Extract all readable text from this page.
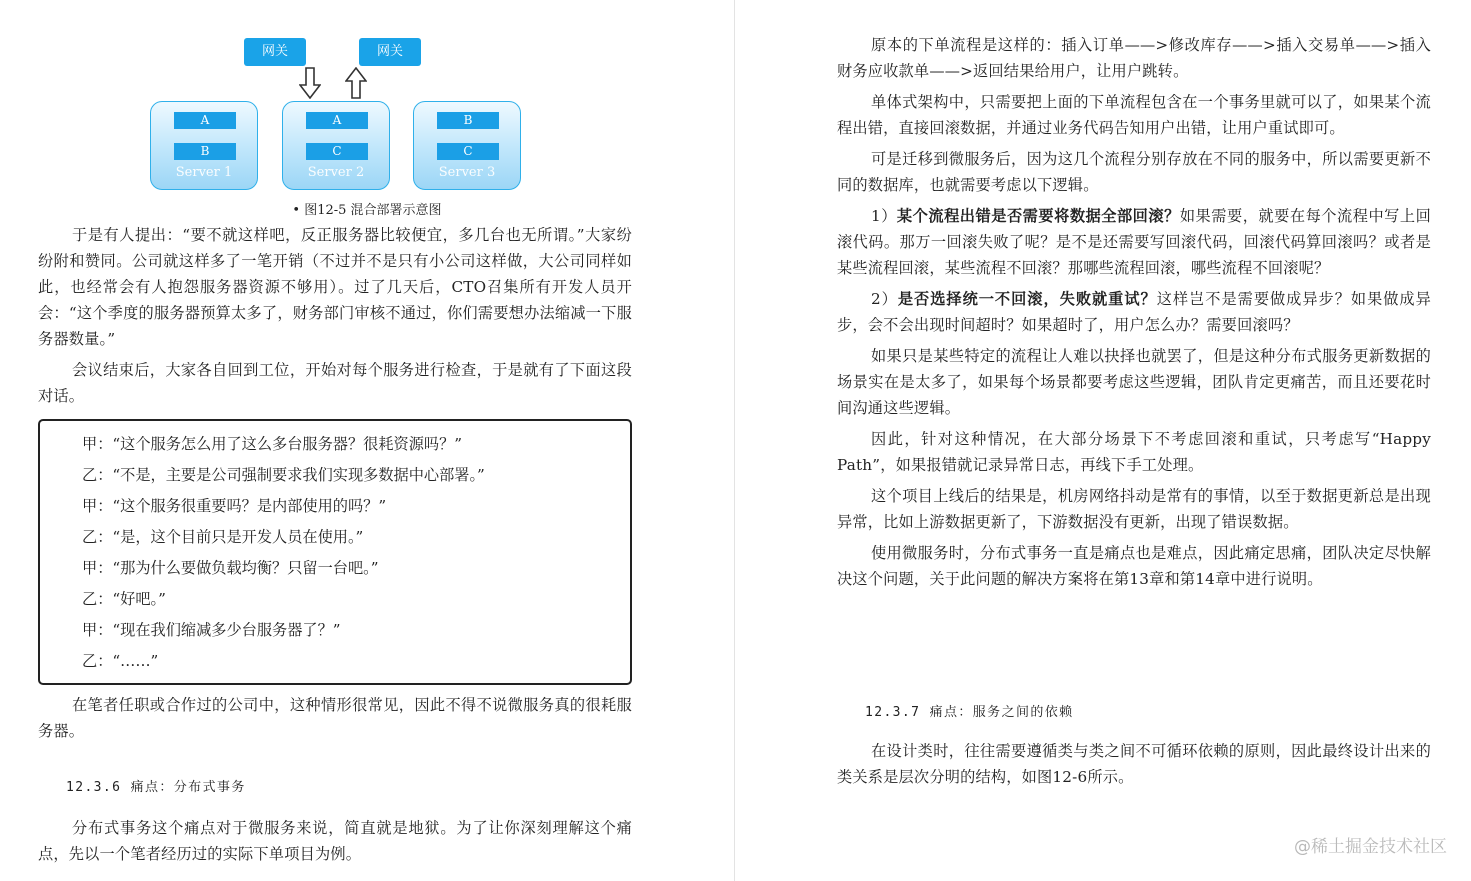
网关	网关
A
B
Server 1
A
C
Server 2
B
C
Server 3
• 图12-5 混合部署示意图

于是有人提出：“要不就这样吧，反正服务器比较便宜，多几台也无所谓。”大家纷纷附和赞同。公司就这样多了一笔开销（不过并不是只有小公司这样做，大公司同样如此，也经常会有人抱怨服务器资源不够用）。过了几天后，CTO召集所有开发人员开会：“这个季度的服务器预算太多了，财务部门审核不通过，你们需要想办法缩减一下服务器数量。”

会议结束后，大家各自回到工位，开始对每个服务进行检查，于是就有了下面这段对话。

甲：“这个服务怎么用了这么多台服务器？很耗资源吗？”
乙：“不是，主要是公司强制要求我们实现多数据中心部署。”
甲：“这个服务很重要吗？是内部使用的吗？”
乙：“是，这个目前只是开发人员在使用。”
甲：“那为什么要做负载均衡？只留一台吧。”
乙：“好吧。”
甲：“现在我们缩减多少台服务器了？”
乙：“……”

在笔者任职或合作过的公司中，这种情形很常见，因此不得不说微服务真的很耗服务器。

12.3.6 痛点：分布式事务

分布式事务这个痛点对于微服务来说，简直就是地狱。为了让你深刻理解这个痛点，先以一个笔者经历过的实际下单项目为例。

原本的下单流程是这样的：插入订单——>修改库存——>插入交易单——>插入财务应收款单——>返回结果给用户，让用户跳转。

单体式架构中，只需要把上面的下单流程包含在一个事务里就可以了，如果某个流程出错，直接回滚数据，并通过业务代码告知用户出错，让用户重试即可。

可是迁移到微服务后，因为这几个流程分别存放在不同的服务中，所以需要更新不同的数据库，也就需要考虑以下逻辑。

1）某个流程出错是否需要将数据全部回滚？如果需要，就要在每个流程中写上回滚代码。那万一回滚失败了呢？是不是还需要写回滚代码，回滚代码算回滚吗？或者是某些流程回滚，某些流程不回滚？那哪些流程回滚，哪些流程不回滚呢？

2）是否选择统一不回滚，失败就重试？这样岂不是需要做成异步？如果做成异步，会不会出现时间超时？如果超时了，用户怎么办？需要回滚吗？

如果只是某些特定的流程让人难以抉择也就罢了，但是这种分布式服务更新数据的场景实在是太多了，如果每个场景都要考虑这些逻辑，团队肯定更痛苦，而且还要花时间沟通这些逻辑。

因此，针对这种情况，在大部分场景下不考虑回滚和重试，只考虑写“Happy Path”，如果报错就记录异常日志，再线下手工处理。

这个项目上线后的结果是，机房网络抖动是常有的事情，以至于数据更新总是出现异常，比如上游数据更新了，下游数据没有更新，出现了错误数据。

使用微服务时，分布式事务一直是痛点也是难点，因此痛定思痛，团队决定尽快解决这个问题，关于此问题的解决方案将在第13章和第14章中进行说明。

12.3.7 痛点：服务之间的依赖

在设计类时，往往需要遵循类与类之间不可循环依赖的原则，因此最终设计出来的类关系是层次分明的结构，如图12-6所示。

@稀土掘金技术社区
